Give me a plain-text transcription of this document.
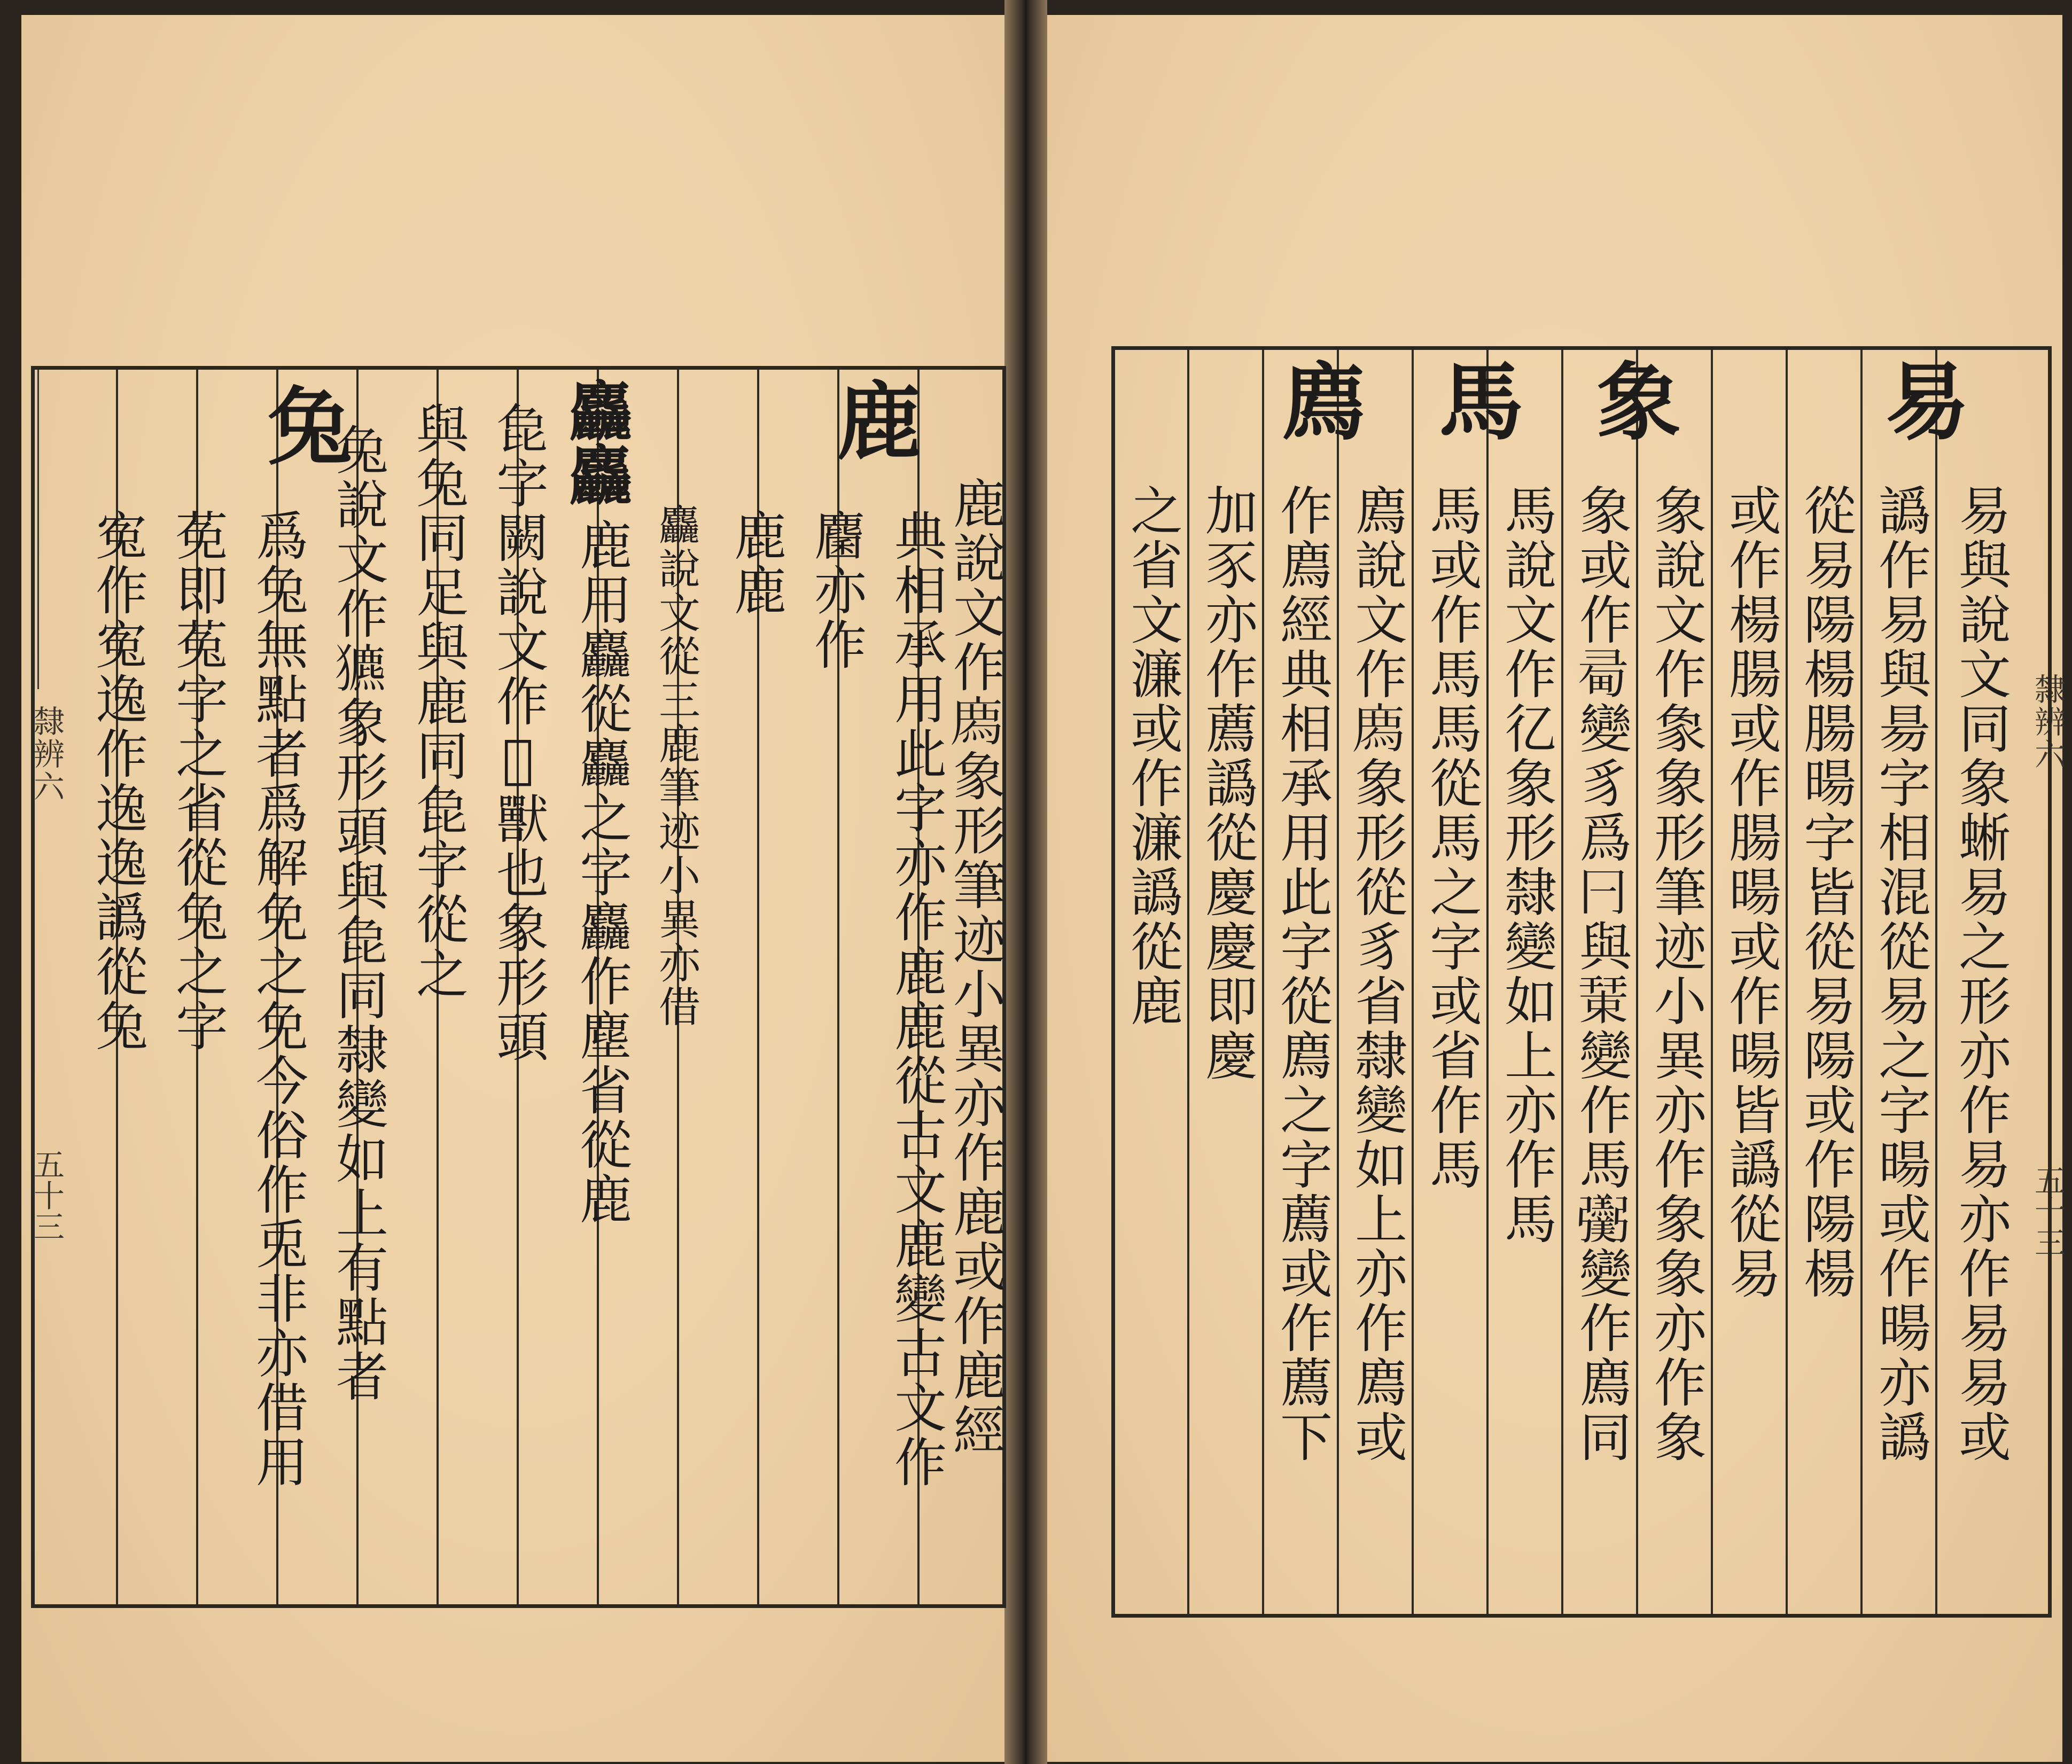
隸辨六
五十三
隸辨六
五十三
寃作寃逸作逸逸譌從兔 莬即菟字之省從兔之字 爲兔無點者爲解免之免今俗作兎非亦借用
兔
兔說文作𤣄象形頭與㲋同隸變如上有點者 與兔同足與鹿同㲋字從之 㲋字闕說文作𥤕獸也象形頭 麤
麤
鹿用麤從麤之字麤作塵省從鹿 麤說文從三鹿筆迹小異亦借 鹿鹿 麕亦作 典相承用此字亦作鹿鹿從古文鹿變古文作
鹿
鹿說文作𢊁象形筆迹小異亦作鹿或作鹿經 之省文濂或作濂譌從鹿 加豕亦作薦譌從慶慶即慶 作廌經典相承用此字從廌之字薦或作薦下
廌
廌說文作𢊁象形從豸省隸變如上亦作廌或 馬或作馬馬從馬之字或省作馬
馬
馬說文作𢒼象形隸變如上亦作馬 象或作𢑜變豸爲𠔼與𢆞變作馬𢑌變作廌同
象
象說文作𧰼象形筆迹小異亦作象象亦作象 或作楊腸或作腸暘或作暘皆譌從易 從易陽楊腸暘字皆從易陽或作陽楊 譌作易與昜字相混從易之字暘或作暘亦譌
易
易與說文同象蜥易之形亦作易亦作易易或
